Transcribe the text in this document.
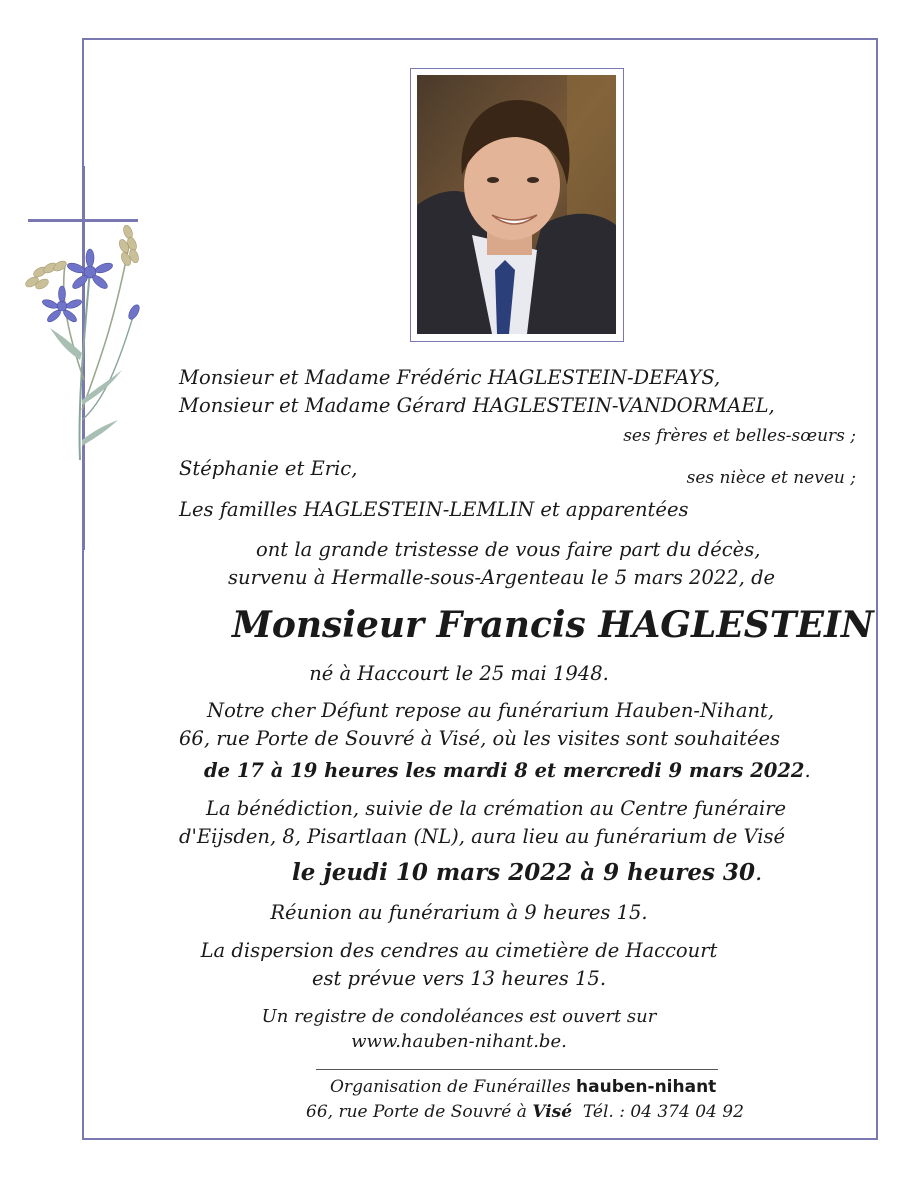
Monsieur et Madame Frédéric HAGLESTEIN-DEFAYS,
Monsieur et Madame Gérard HAGLESTEIN-VANDORMAEL,
ses frères et belles-sœurs ;
Stéphanie et Eric,	ses nièce et neveu ;
Les familles HAGLESTEIN-LEMLIN et apparentées
ont la grande tristesse de vous faire part du décès,
survenu à Hermalle-sous-Argenteau le 5 mars 2022, de
Monsieur Francis HAGLESTEIN
né à Haccourt le 25 mai 1948.
Notre cher Défunt repose au funérarium Hauben-Nihant,
66, rue Porte de Souvré à Visé, où les visites sont souhaitées
de 17 à 19 heures les mardi 8 et mercredi 9 mars 2022.
La bénédiction, suivie de la crémation au Centre funéraire
d'Eijsden, 8, Pisartlaan (NL), aura lieu au funérarium de Visé
le jeudi 10 mars 2022 à 9 heures 30.
Réunion au funérarium à 9 heures 15.
La dispersion des cendres au cimetière de Haccourt
est prévue vers 13 heures 15.
Un registre de condoléances est ouvert sur
www.hauben-nihant.be.
Organisation de Funérailles hauben-nihant
66, rue Porte de Souvré à Visé Tél. : 04 374 04 92
